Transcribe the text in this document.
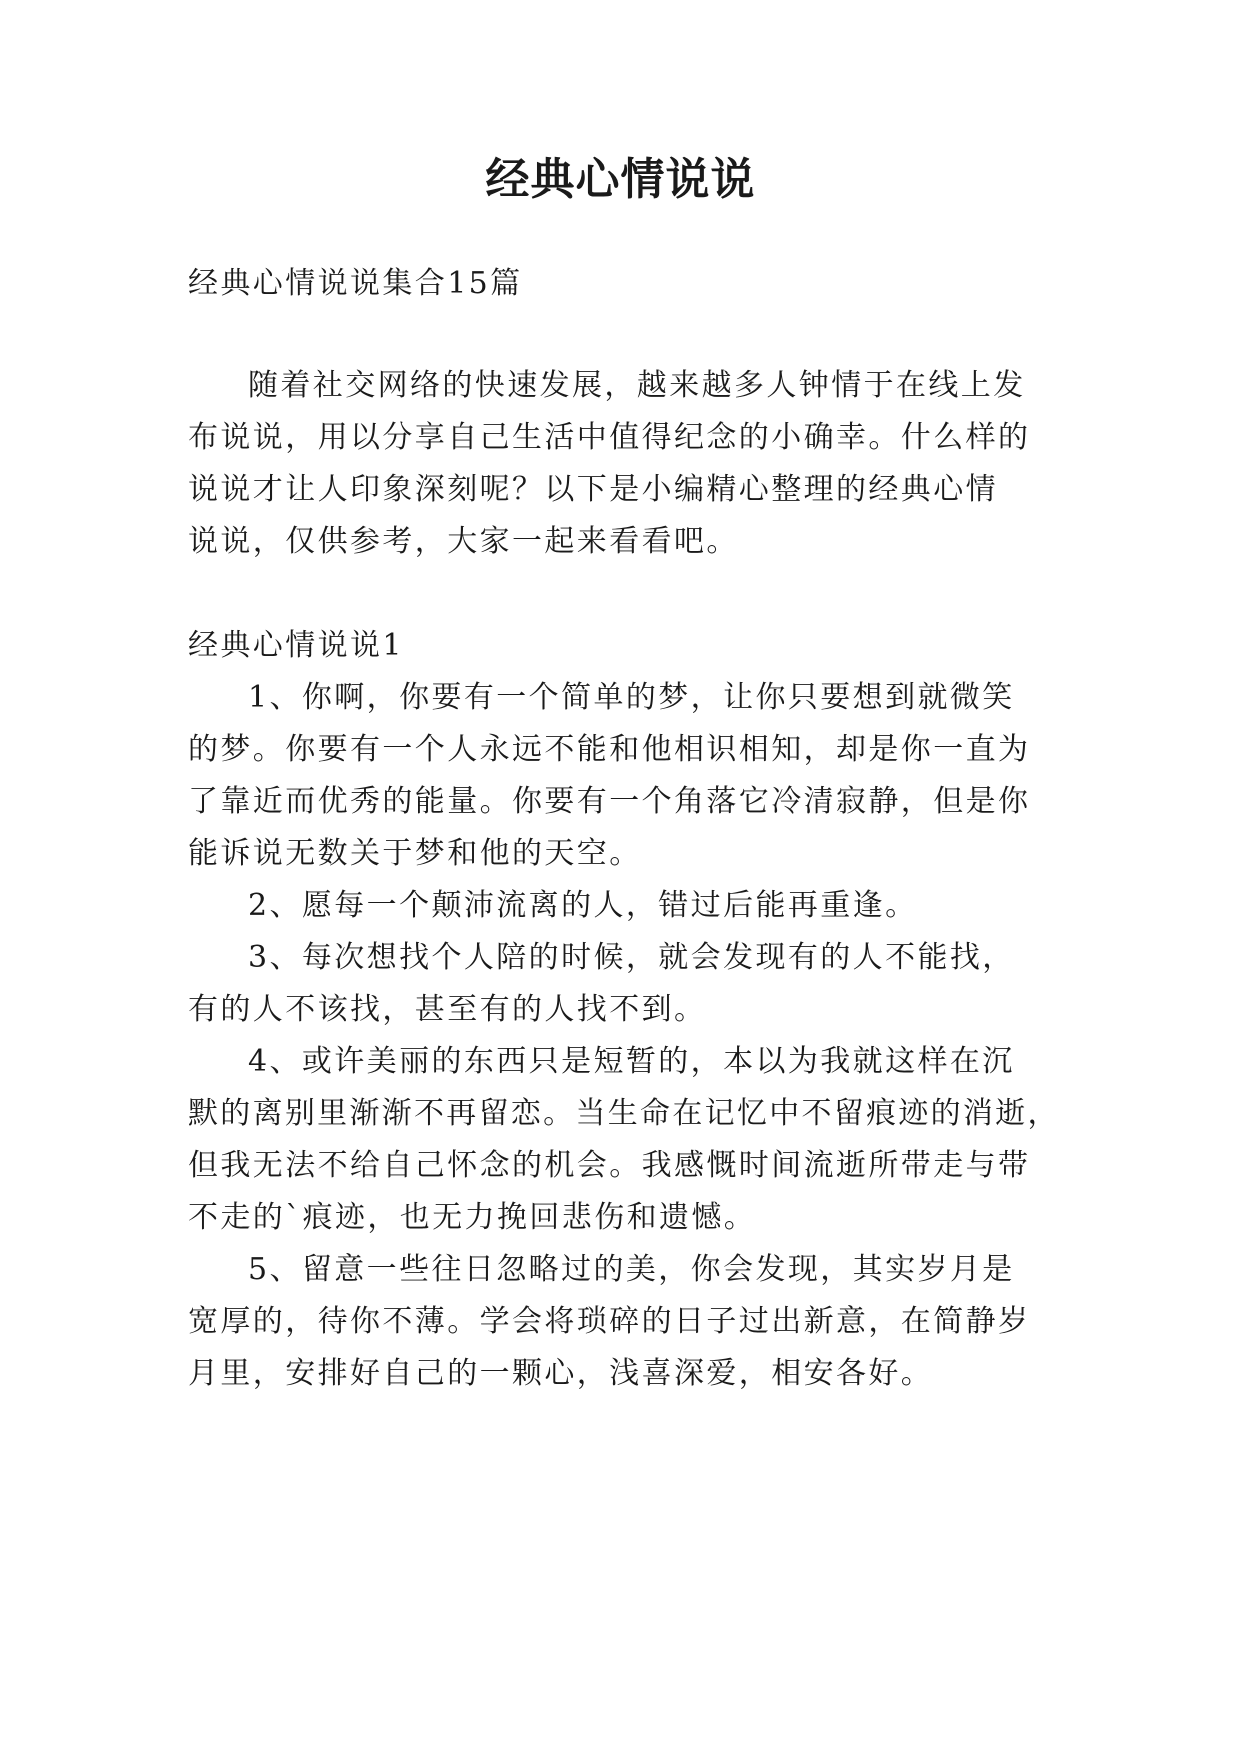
经典心情说说
经典心情说说集合15篇
随着社交网络的快速发展，越来越多人钟情于在线上发
布说说，用以分享自己生活中值得纪念的小确幸。什么样的
说说才让人印象深刻呢？以下是小编精心整理的经典心情
说说，仅供参考，大家一起来看看吧。
经典心情说说1
1、你啊，你要有一个简单的梦，让你只要想到就微笑
的梦。你要有一个人永远不能和他相识相知，却是你一直为
了靠近而优秀的能量。你要有一个角落它冷清寂静，但是你
能诉说无数关于梦和他的天空。
2、愿每一个颠沛流离的人，错过后能再重逢。
3、每次想找个人陪的时候，就会发现有的人不能找，
有的人不该找，甚至有的人找不到。
4、或许美丽的东西只是短暂的，本以为我就这样在沉
默的离别里渐渐不再留恋。当生命在记忆中不留痕迹的消逝，
但我无法不给自己怀念的机会。我感慨时间流逝所带走与带
不走的`痕迹，也无力挽回悲伤和遗憾。
5、留意一些往日忽略过的美，你会发现，其实岁月是
宽厚的，待你不薄。学会将琐碎的日子过出新意，在简静岁
月里，安排好自己的一颗心，浅喜深爱，相安各好。
